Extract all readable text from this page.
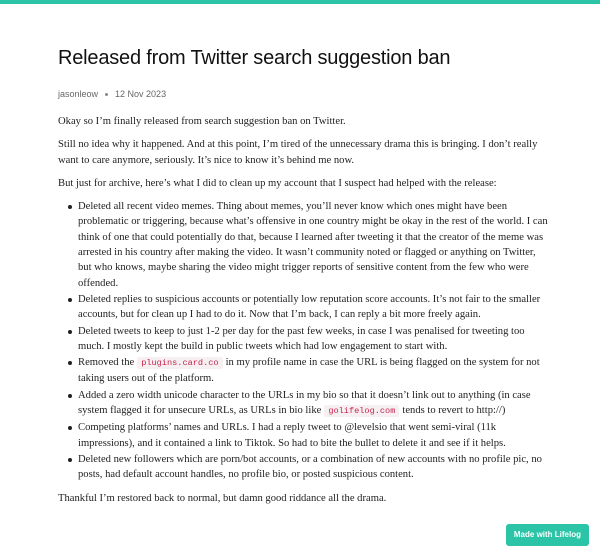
Released from Twitter search suggestion ban
jasonleow 12 Nov 2023

Okay so I’m finally released from search suggestion ban on Twitter.

Still no idea why it happened. And at this point, I’m tired of the unnecessary drama this is bringing. I don’t really want to care anymore, seriously. It’s nice to know it’s behind me now.

But just for archive, here’s what I did to clean up my account that I suspect had helped with the release:

Deleted all recent video memes. Thing about memes, you’ll never know which ones might have been problematic or triggering, because what’s offensive in one country might be okay in the rest of the world. I can think of one that could potentially do that, because I learned after tweeting it that the creator of the meme was arrested in his country after making the video. It wasn’t community noted or flagged or anything on Twitter, but who knows, maybe sharing the video might trigger reports of sensitive content from the few who were offended.
Deleted replies to suspicious accounts or potentially low reputation score accounts. It’s not fair to the smaller accounts, but for clean up I had to do it. Now that I’m back, I can reply a bit more freely again.
Deleted tweets to keep to just 1-2 per day for the past few weeks, in case I was penalised for tweeting too much. I mostly kept the build in public tweets which had low engagement to start with.
Removed the plugins.card.co in my profile name in case the URL is being flagged on the system for not taking users out of the platform.
Added a zero width unicode character to the URLs in my bio so that it doesn’t link out to anything (in case system flagged it for unsecure URLs, as URLs in bio like golifelog.com tends to revert to http://)
Competing platforms’ names and URLs. I had a reply tweet to @levelsio that went semi-viral (11k impressions), and it contained a link to Tiktok. So had to bite the bullet to delete it and see if it helps.
Deleted new followers which are porn/bot accounts, or a combination of new accounts with no profile pic, no posts, had default account handles, no profile bio, or posted suspicious content.

Thankful I’m restored back to normal, but damn good riddance all the drama.

Made with Lifelog
